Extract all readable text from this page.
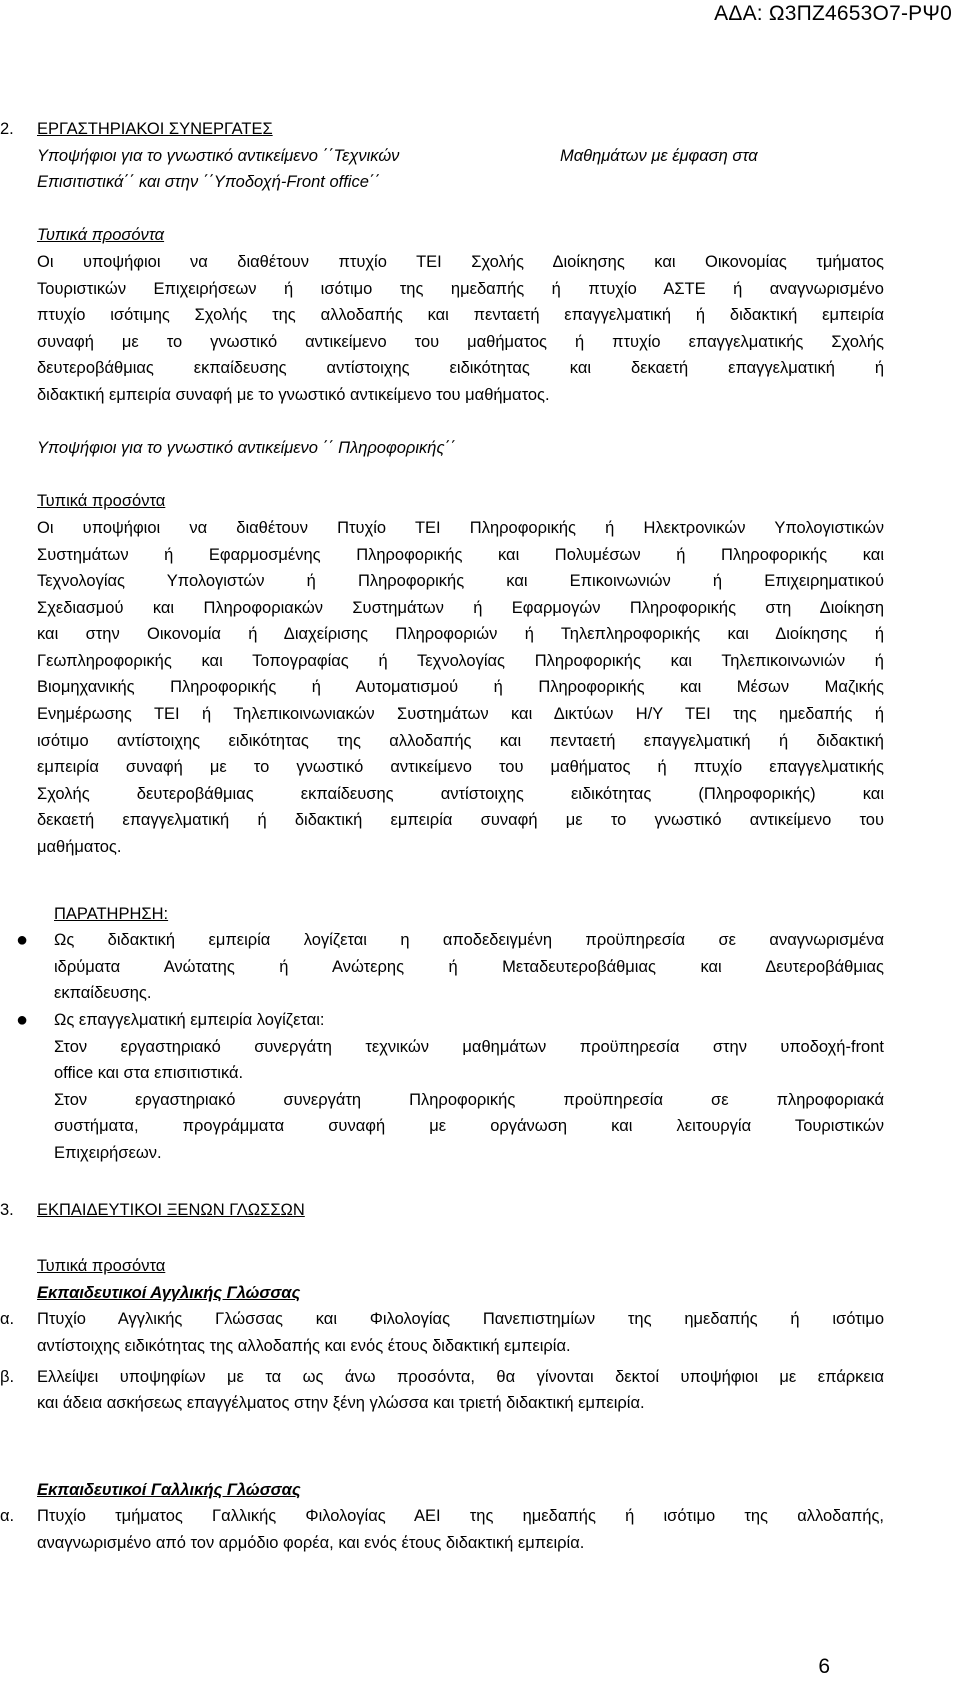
ΑΔΑ: Ω3ΠΖ4653Ο7-ΡΨ0
2. ΕΡΓΑΣΤΗΡΙΑΚΟΙ ΣΥΝΕΡΓΑΤΕΣ
Υποψήφιοι για το γνωστικό αντικείμενο ΄΄Τεχνικών	Μαθημάτων με έμφαση στα
Επισιτιστικά΄΄ και στην ΄΄Υποδοχή-Front office΄΄
Τυπικά προσόντα
Οι υποψήφιοι να διαθέτουν πτυχίο ΤΕΙ Σχολής Διοίκησης και Οικονομίας τμήματος
Τουριστικών Επιχειρήσεων ή ισότιμο της ημεδαπής ή πτυχίο ΑΣΤΕ ή αναγνωρισμένο
πτυχίο ισότιμης Σχολής της αλλοδαπής και πενταετή επαγγελματική ή διδακτική εμπειρία
συναφή με το γνωστικό αντικείμενο του μαθήματος ή πτυχίο επαγγελματικής Σχολής
δευτεροβάθμιας εκπαίδευσης αντίστοιχης ειδικότητας και δεκαετή επαγγελματική ή
διδακτική εμπειρία συναφή με το γνωστικό αντικείμενο του μαθήματος.
Υποψήφιοι για το γνωστικό αντικείμενο ΄΄ Πληροφορικής΄΄
Τυπικά προσόντα
Οι υποψήφιοι να διαθέτουν Πτυχίο ΤΕΙ Πληροφορικής ή Ηλεκτρονικών Υπολογιστικών
Συστημάτων ή Εφαρμοσμένης Πληροφορικής και Πολυμέσων ή Πληροφορικής και
Τεχνολογίας Υπολογιστών ή Πληροφορικής και Επικοινωνιών ή Επιχειρηματικού
Σχεδιασμού και Πληροφοριακών Συστημάτων ή Εφαρμογών Πληροφορικής στη Διοίκηση
και στην Οικονομία ή Διαχείρισης Πληροφοριών ή Τηλεπληροφορικής και Διοίκησης ή
Γεωπληροφορικής και Τοπογραφίας ή Τεχνολογίας Πληροφορικής και Τηλεπικοινωνιών ή
Βιομηχανικής Πληροφορικής ή Αυτοματισμού ή Πληροφορικής και Μέσων Μαζικής
Ενημέρωσης ΤΕΙ ή Τηλεπικοινωνιακών Συστημάτων και Δικτύων Η/Υ ΤΕΙ της ημεδαπής ή
ισότιμο αντίστοιχης ειδικότητας της αλλοδαπής και πενταετή επαγγελματική ή διδακτική
εμπειρία συναφή με το γνωστικό αντικείμενο του μαθήματος ή πτυχίο επαγγελματικής
Σχολής δευτεροβάθμιας εκπαίδευσης αντίστοιχης ειδικότητας (Πληροφορικής) και
δεκαετή επαγγελματική ή διδακτική εμπειρία συναφή με το γνωστικό αντικείμενο του
μαθήματος.
ΠΑΡΑΤΗΡΗΣΗ:
● Ως διδακτική εμπειρία λογίζεται η αποδεδειγμένη προϋπηρεσία σε αναγνωρισμένα
ιδρύματα Ανώτατης ή Ανώτερης ή Μεταδευτεροβάθμιας και Δευτεροβάθμιας
εκπαίδευσης.
● Ως επαγγελματική εμπειρία λογίζεται:
Στον εργαστηριακό συνεργάτη τεχνικών μαθημάτων προϋπηρεσία στην υποδοχή-front
office και στα επισιτιστικά.
Στον εργαστηριακό συνεργάτη Πληροφορικής προϋπηρεσία σε πληροφοριακά
συστήματα, προγράμματα συναφή με οργάνωση και λειτουργία Τουριστικών
Επιχειρήσεων.
3. ΕΚΠΑΙΔΕΥΤΙΚΟΙ ΞΕΝΩΝ ΓΛΩΣΣΩΝ
Τυπικά προσόντα
Εκπαιδευτικοί Αγγλικής Γλώσσας
α. Πτυχίο Αγγλικής Γλώσσας και Φιλολογίας Πανεπιστημίων της ημεδαπής ή ισότιμο
αντίστοιχης ειδικότητας της αλλοδαπής και ενός έτους διδακτική εμπειρία.
β. Ελλείψει υποψηφίων με τα ως άνω προσόντα, θα γίνονται δεκτοί υποψήφιοι με επάρκεια
και άδεια ασκήσεως επαγγέλματος στην ξένη γλώσσα και τριετή διδακτική εμπειρία.
Εκπαιδευτικοί Γαλλικής Γλώσσας
α. Πτυχίο τμήματος Γαλλικής Φιλολογίας ΑΕΙ της ημεδαπής ή ισότιμο της αλλοδαπής,
αναγνωρισμένο από τον αρμόδιο φορέα, και ενός έτους διδακτική εμπειρία.
6
